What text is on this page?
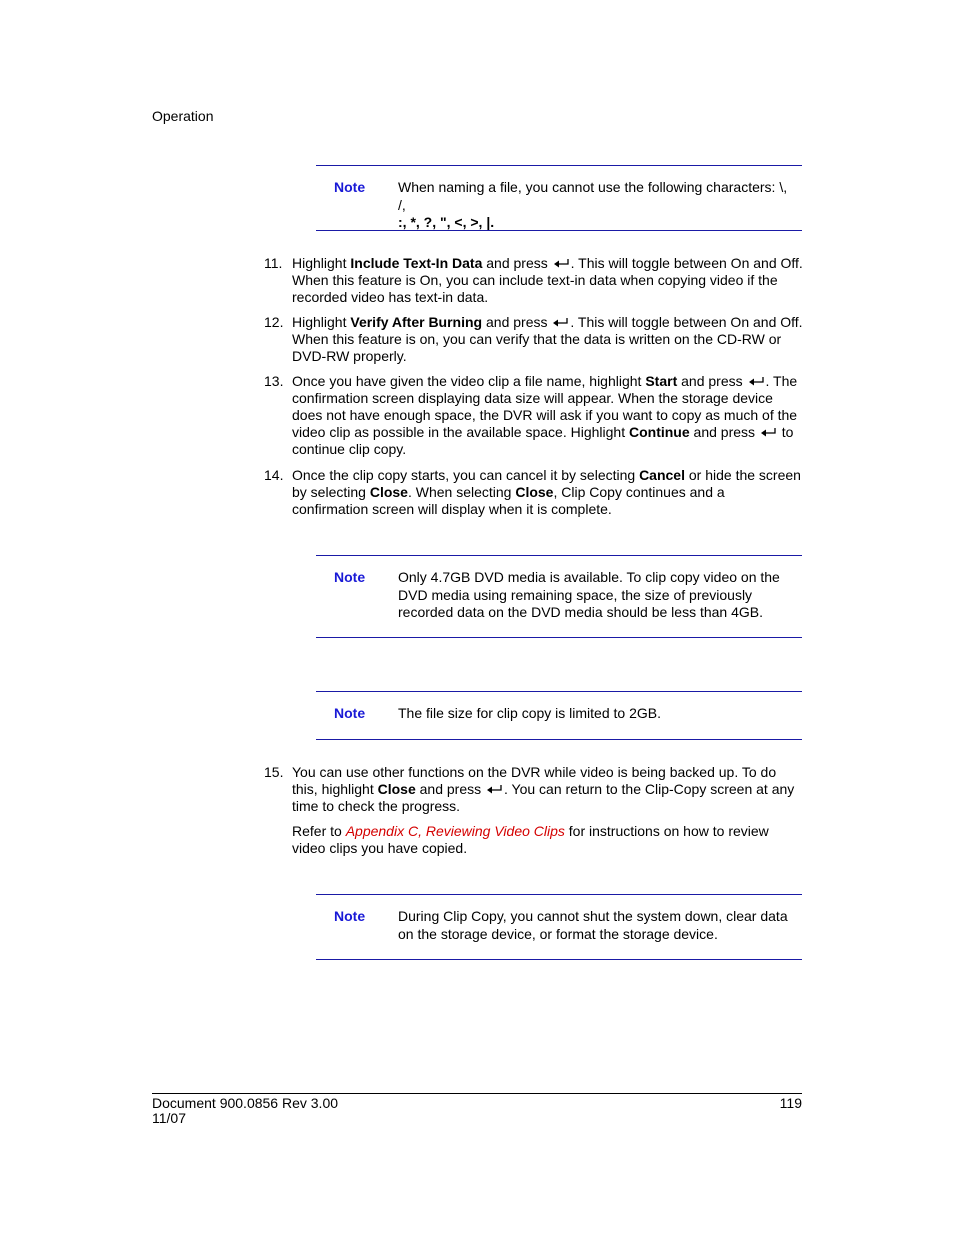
Operation
Note When naming a file, you cannot use the following characters: \, /,
:, *, ?, ", <, >, |.
11. Highlight Include Text-In Data and press . This will toggle between On and Off. When this feature is On, you can include text-in data when copying video if the recorded video has text-in data.

12. Highlight Verify After Burning and press . This will toggle between On and Off. When this feature is on, you can verify that the data is written on the CD-RW or DVD-RW properly.

13. Once you have given the video clip a file name, highlight Start and press . The confirmation screen displaying data size will appear. When the storage device does not have enough space, the DVR will ask if you want to copy as much of the video clip as possible in the available space. Highlight Continue and press  to continue clip copy.

14. Once the clip copy starts, you can cancel it by selecting Cancel or hide the screen by selecting Close. When selecting Close, Clip Copy continues and a confirmation screen will display when it is complete.

Note Only 4.7GB DVD media is available. To clip copy video on the DVD media using remaining space, the size of previously recorded data on the DVD media should be less than 4GB.
Note The file size for clip copy is limited to 2GB.
15. You can use other functions on the DVR while video is being backed up. To do this, highlight Close and press . You can return to the Clip-Copy screen at any time to check the progress.

Refer to Appendix C, Reviewing Video Clips for instructions on how to review video clips you have copied.

Note During Clip Copy, you cannot shut the system down, clear data on the storage device, or format the storage device.
Document 900.0856 Rev 3.00
11/07
119
